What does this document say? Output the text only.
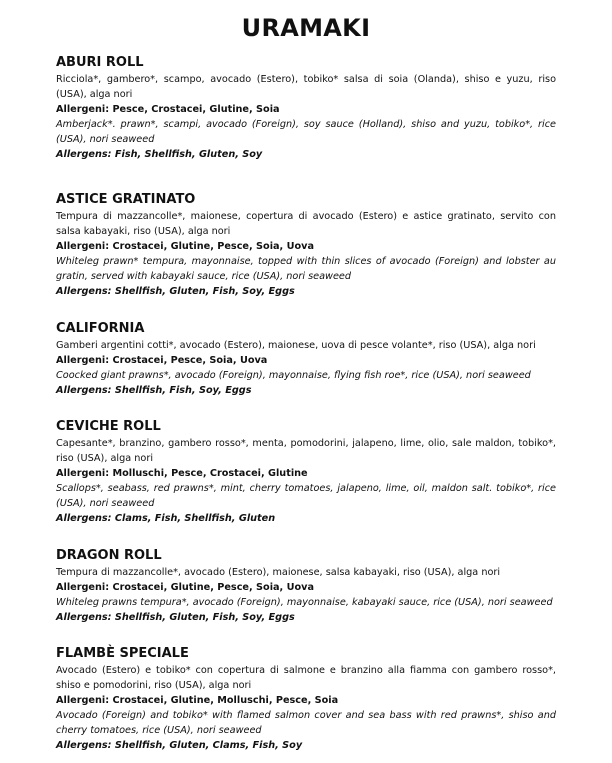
URAMAKI
ABURI ROLL
Ricciola*, gambero*, scampo, avocado (Estero), tobiko* salsa di soia (Olanda), shiso e yuzu, riso (USA), alga nori
Allergeni: Pesce, Crostacei, Glutine, Soia
Amberjack*. prawn*, scampi, avocado (Foreign), soy sauce (Holland), shiso and yuzu, tobiko*, rice (USA), nori seaweed
Allergens: Fish, Shellfish, Gluten, Soy
ASTICE GRATINATO
Tempura di mazzancolle*, maionese, copertura di avocado (Estero) e astice gratinato, servito con salsa kabayaki, riso (USA), alga nori
Allergeni: Crostacei, Glutine, Pesce, Soia, Uova
Whiteleg prawn* tempura, mayonnaise, topped with thin slices of avocado (Foreign) and lobster au gratin, served with kabayaki sauce, rice (USA), nori seaweed
Allergens: Shellfish, Gluten, Fish, Soy, Eggs
CALIFORNIA
Gamberi argentini cotti*, avocado (Estero), maionese, uova di pesce volante*, riso (USA), alga nori
Allergeni: Crostacei, Pesce, Soia, Uova
Coocked giant prawns*, avocado (Foreign), mayonnaise, flying fish roe*, rice (USA), nori seaweed
Allergens: Shellfish, Fish, Soy, Eggs
CEVICHE ROLL
Capesante*, branzino, gambero rosso*, menta, pomodorini, jalapeno, lime, olio, sale maldon, tobiko*, riso (USA), alga nori
Allergeni: Molluschi, Pesce, Crostacei, Glutine
Scallops*, seabass, red prawns*, mint, cherry tomatoes, jalapeno, lime, oil, maldon salt. tobiko*, rice (USA), nori seaweed
Allergens: Clams, Fish, Shellfish, Gluten
DRAGON ROLL
Tempura di mazzancolle*, avocado (Estero), maionese, salsa kabayaki, riso (USA), alga nori
Allergeni: Crostacei, Glutine, Pesce, Soia, Uova
Whiteleg prawns tempura*, avocado (Foreign), mayonnaise, kabayaki sauce, rice (USA), nori seaweed
Allergens: Shellfish, Gluten, Fish, Soy, Eggs
FLAMBÈ SPECIALE
Avocado (Estero) e tobiko* con copertura di salmone e branzino alla fiamma con gambero rosso*, shiso e pomodorini, riso (USA), alga nori
Allergeni: Crostacei, Glutine, Molluschi, Pesce, Soia
Avocado (Foreign) and tobiko* with flamed salmon cover and sea bass with red prawns*, shiso and cherry tomatoes, rice (USA), nori seaweed
Allergens: Shellfish, Gluten, Clams, Fish, Soy
